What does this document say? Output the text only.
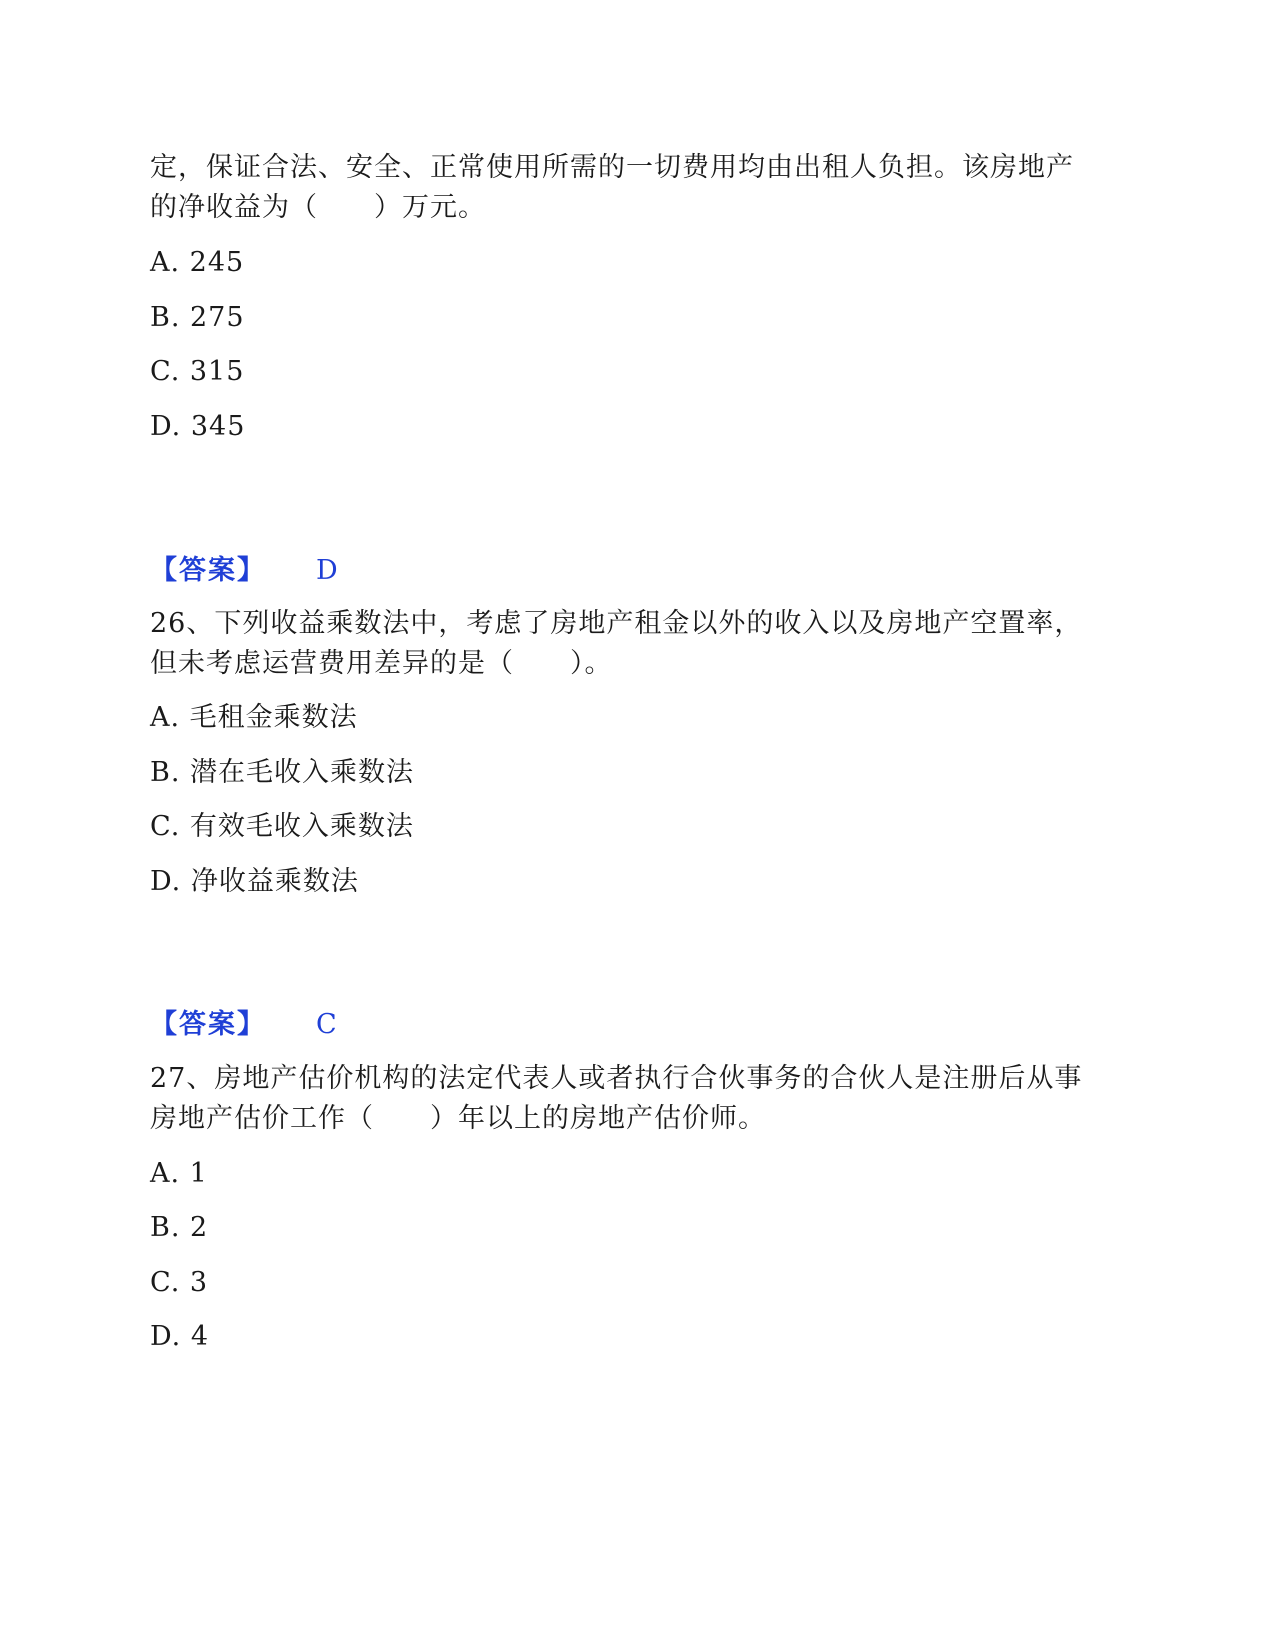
定，保证合法、安全、正常使用所需的一切费用均由出租人负担。该房地产
的净收益为（　　）万元。
A. 245
B. 275
C. 315
D. 345
【答案】 D
26、下列收益乘数法中，考虑了房地产租金以外的收入以及房地产空置率，
但未考虑运营费用差异的是（　　）。
A. 毛租金乘数法
B. 潜在毛收入乘数法
C. 有效毛收入乘数法
D. 净收益乘数法
【答案】 C
27、房地产估价机构的法定代表人或者执行合伙事务的合伙人是注册后从事
房地产估价工作（　　）年以上的房地产估价师。
A. 1
B. 2
C. 3
D. 4
